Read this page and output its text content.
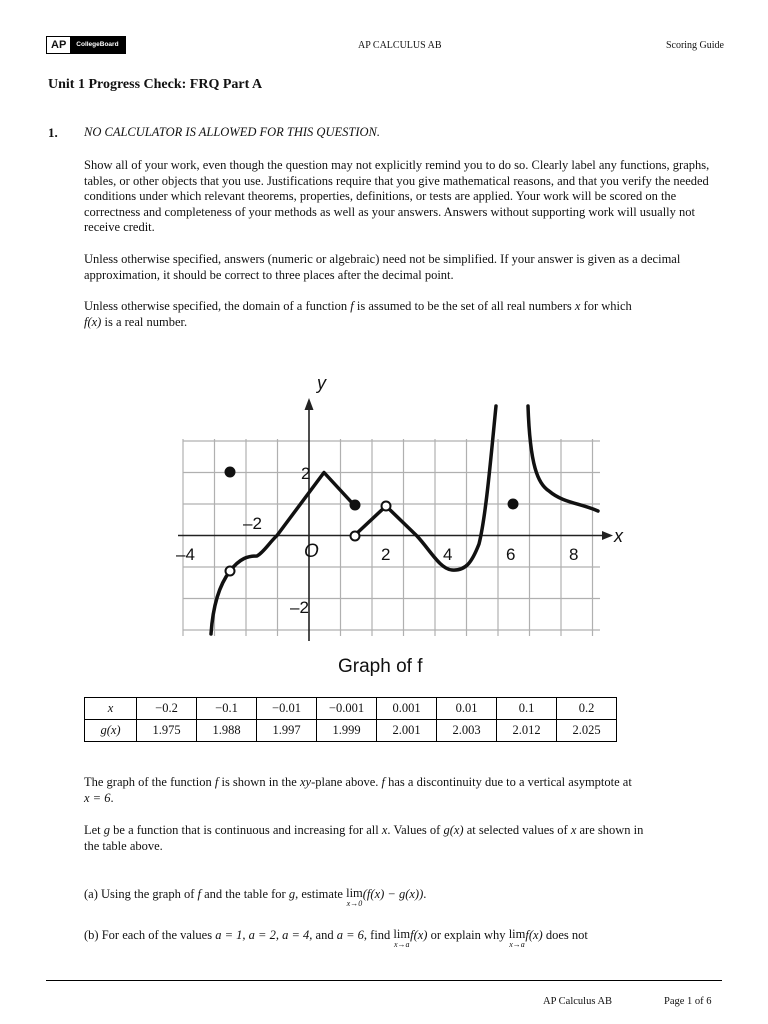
AP	CollegeBoard	AP CALCULUS AB	Scoring Guide
Unit 1 Progress Check: FRQ Part A
1. NO CALCULATOR IS ALLOWED FOR THIS QUESTION.
Show all of your work, even though the question may not explicitly remind you to do so. Clearly label any functions, graphs, tables, or other objects that you use. Justifications require that you give mathematical reasons, and that you verify the needed conditions under which relevant theorems, properties, definitions, or tests are applied. Your work will be scored on the correctness and completeness of your methods as well as your answers. Answers without supporting work will usually not receive credit.
Unless otherwise specified, answers (numeric or algebraic) need not be simplified. If your answer is given as a decimal approximation, it should be correct to three places after the decimal point.
Unless otherwise specified, the domain of a function f is assumed to be the set of all real numbers x for which
f(x) is a real number.
x
y
O
–4
–2
2	4	6	8
2
–2
Graph of f
x	−0.2	−0.1	−0.01	−0.001	0.001	0.01	0.1	0.2
g(x)	1.975	1.988	1.997	1.999	2.001	2.003	2.012	2.025
The graph of the function f is shown in the xy-plane above. f has a discontinuity due to a vertical asymptote at
x = 6.
Let g be a function that is continuous and increasing for all x. Values of g(x) at selected values of x are shown in
the table above.
(a) Using the graph of f and the table for g, estimate lim
x→0
(f(x) − g(x)).
(b) For each of the values a = 1, a = 2, a = 4, and a = 6, find lim
x→a
f(x) or explain why lim
x→a
f(x) does not
AP Calculus AB	Page 1 of 6
